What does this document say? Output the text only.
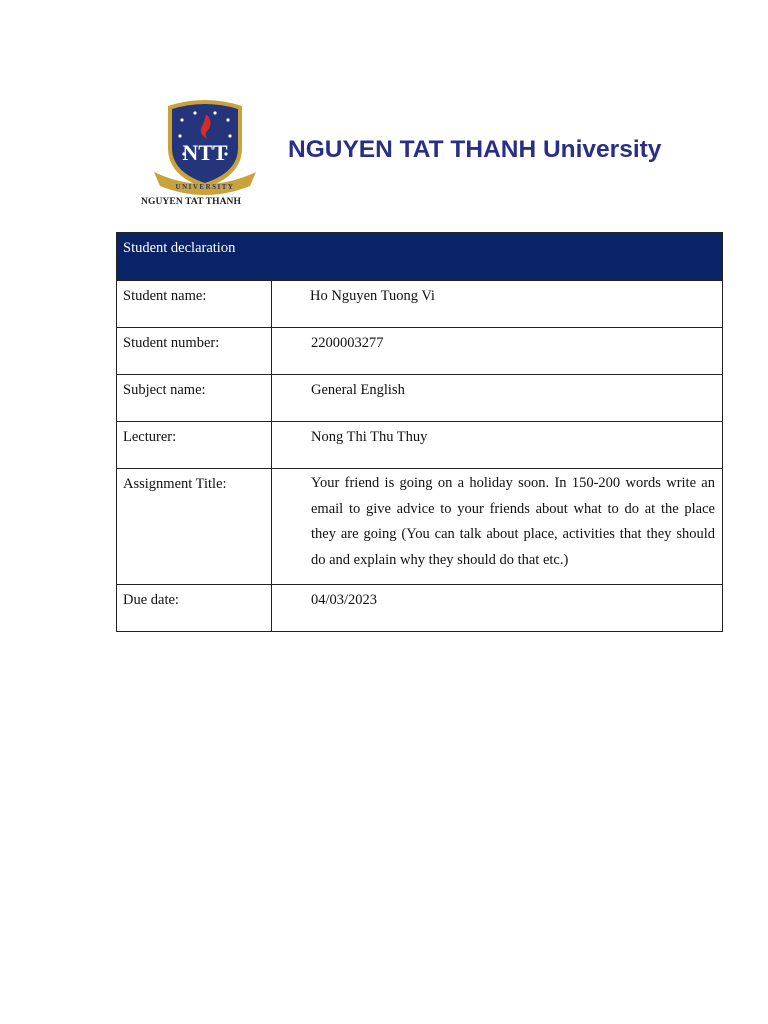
NTT
UNIVERSITY
NGUYEN TAT THANH
NGUYEN TAT THANH University
Student declaration	
Student name:	Ho Nguyen Tuong Vi
Student number:	2200003277
Subject name:	General English
Lecturer:	Nong Thi Thu Thuy
Assignment Title:	Your friend is going on a holiday soon. In 150-200 words write an email to give advice to your friends about what to do at the place they are going (You can talk about place, activities that they should do and explain why they should do that etc.)

Due date:	04/03/2023
